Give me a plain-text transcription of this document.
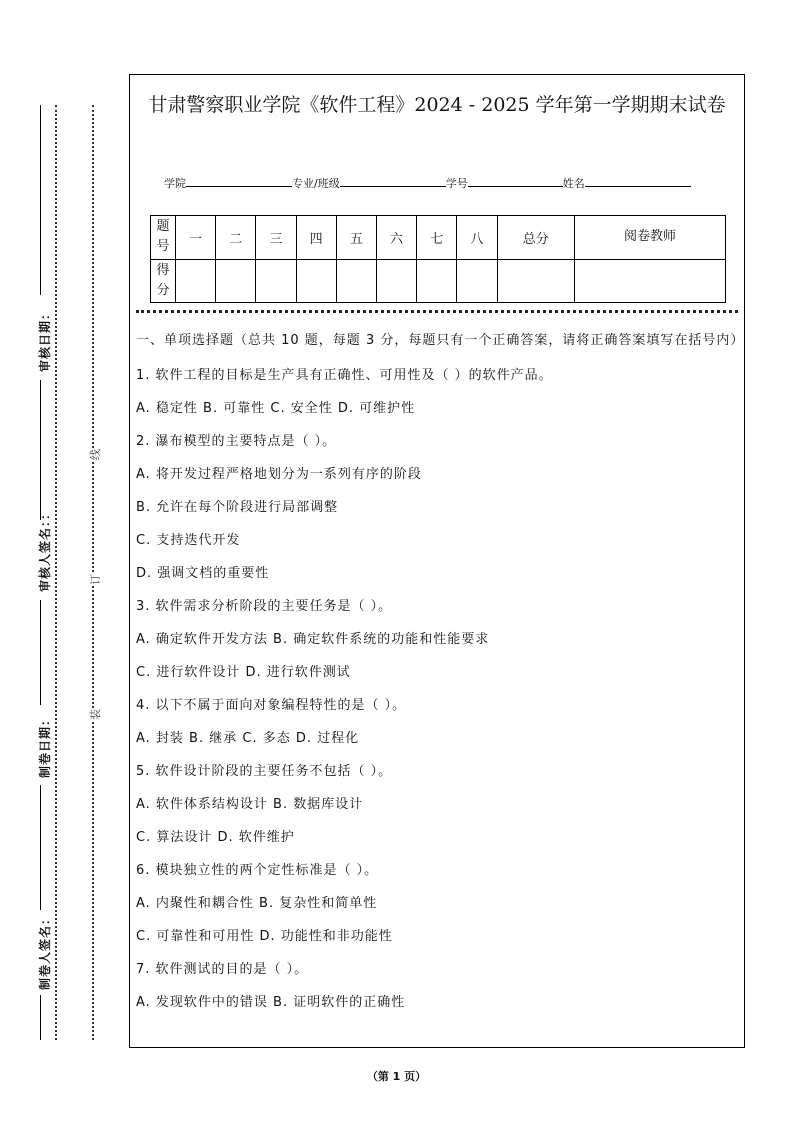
审核日期：
审核人签名：：
制卷日期：
制卷人签名：
线
订
装
甘肃警察职业学院《软件工程》2024 - 2025 学年第一学期期末试卷
学院	专业/班级	学号	姓名
题号	一	二	三	四	五	六	七	八	总分	阅卷教师
得分										
一、单项选择题（总共 10 题，每题 3 分，每题只有一个正确答案，请将正确答案填写在括号内）
1. 软件工程的目标是生产具有正确性、可用性及（ ）的软件产品。
A. 稳定性 B. 可靠性 C. 安全性 D. 可维护性
2. 瀑布模型的主要特点是（ ）。
A. 将开发过程严格地划分为一系列有序的阶段
B. 允许在每个阶段进行局部调整
C. 支持迭代开发
D. 强调文档的重要性
3. 软件需求分析阶段的主要任务是（ ）。
A. 确定软件开发方法 B. 确定软件系统的功能和性能要求
C. 进行软件设计 D. 进行软件测试
4. 以下不属于面向对象编程特性的是（ ）。
A. 封装 B. 继承 C. 多态 D. 过程化
5. 软件设计阶段的主要任务不包括（ ）。
A. 软件体系结构设计 B. 数据库设计
C. 算法设计 D. 软件维护
6. 模块独立性的两个定性标准是（ ）。
A. 内聚性和耦合性 B. 复杂性和简单性
C. 可靠性和可用性 D. 功能性和非功能性
7. 软件测试的目的是（ ）。
A. 发现软件中的错误 B. 证明软件的正确性
（第 1 页）
